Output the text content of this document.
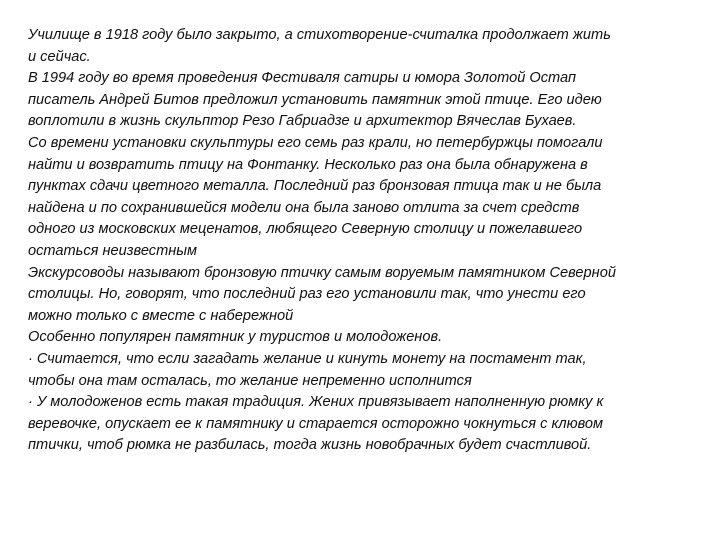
Училище в 1918 году было закрыто, а стихотворение-считалка продолжает жить
и сейчас.
В 1994 году во время проведения Фестиваля сатиры и юмора Золотой Остап
писатель Андрей Битов предложил установить памятник этой птице. Его идею
воплотили в жизнь скульптор Резо Габриадзе и архитектор Вячеслав Бухаев.
Со времени установки скульптуры его семь раз крали, но петербуржцы помогали
найти и возвратить птицу на Фонтанку. Несколько раз она была обнаружена в
пунктах сдачи цветного металла. Последний раз бронзовая птица так и не была
найдена и по сохранившейся модели она была заново отлита за счет средств
одного из московских меценатов, любящего Северную столицу и пожелавшего
остаться неизвестным
Экскурсоводы называют бронзовую птичку самым воруемым памятником Северной
столицы. Но, говорят, что последний раз его установили так, что унести его
можно только с вместе с набережной
Особенно популярен памятник у туристов и молодоженов.
· Считается, что если загадать желание и кинуть монету на постамент так,
чтобы она там осталась, то желание непременно исполнится
· У молодоженов есть такая традиция. Жених привязывает наполненную рюмку к
веревочке, опускает ее к памятнику и старается осторожно чокнуться с клювом
птички, чтоб рюмка не разбилась, тогда жизнь новобрачных будет счастливой.
